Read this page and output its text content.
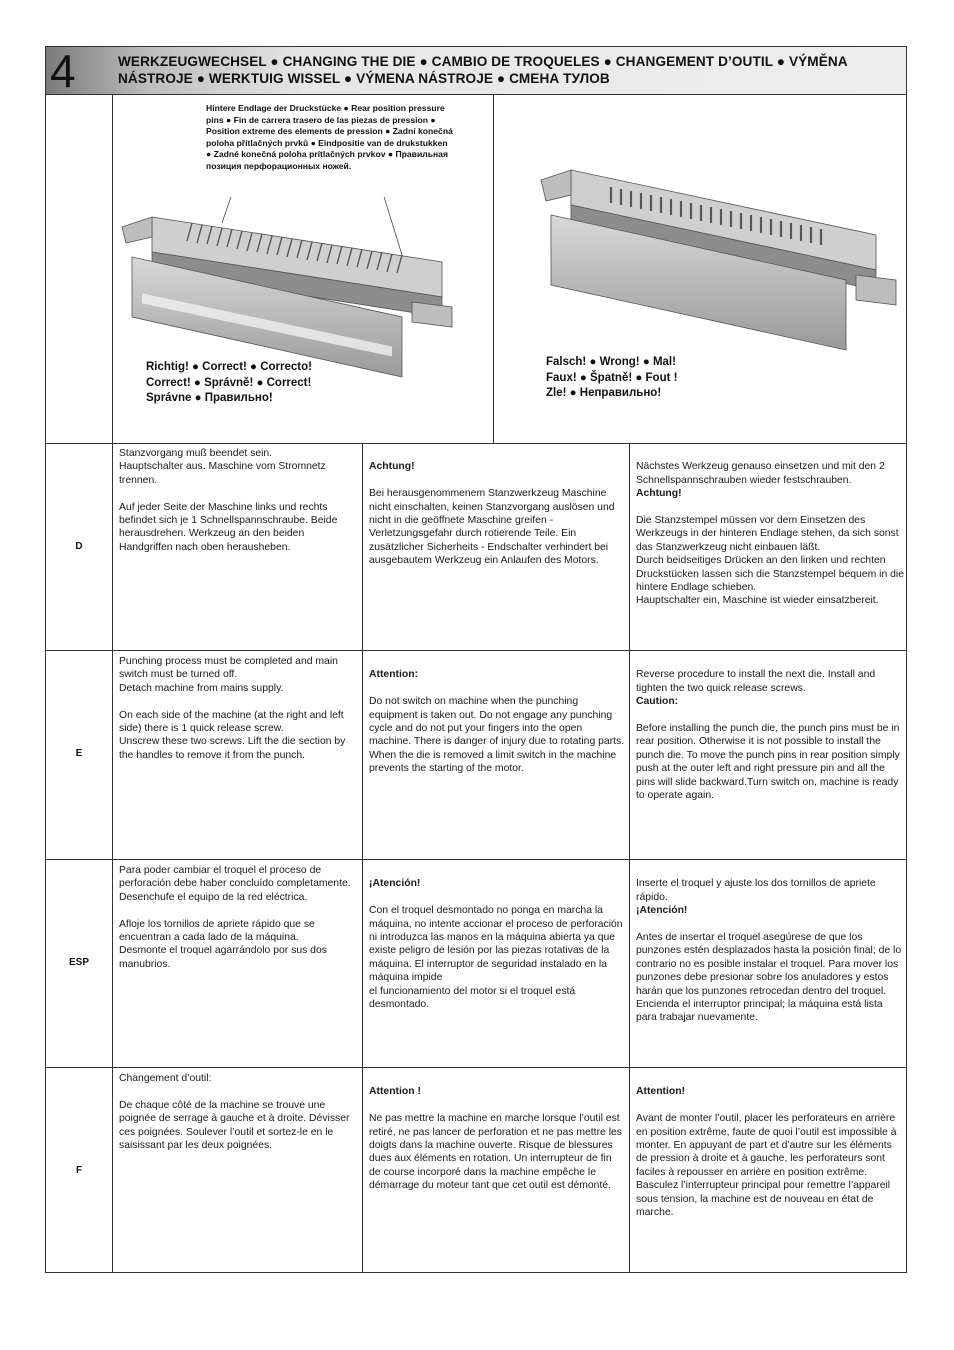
4	WERKZEUGWECHSEL ● CHANGING THE DIE ● CAMBIO DE TROQUELES ● CHANGEMENT D’OUTIL ● VÝMĚNA NÁSTROJE ● WERKTUIG WISSEL ● VÝMENA NÁSTROJE ● СМЕНА ТУЛОВ
Hintere Endlage der Druckstücke ● Rear position pressure pins ● Fin de carrera trasero de las piezas de pression ● Position extreme des elements de pression ● Zadní konečná poloha přítlačných prvků ● Eindpositie van de drukstukken ● Zadné konečná poloha prítlačných prvkov ● Правильная позиция перфорационных ножей.
Richtig! ● Correct! ● Correcto!
Correct! ● Správně! ● Correct!
Správne ● Правильно!
Falsch! ● Wrong! ● Mal!
Faux! ● Špatně! ● Fout !
Zle! ● Неправильно!
D
Stanzvorgang muß beendet sein.
Hauptschalter aus. Maschine vom Stromnetz trennen.

Auf jeder Seite der Maschine links und rechts befindet sich je 1 Schnellspannschraube. Beide herausdrehen. Werkzeug an den beiden Handgriffen nach oben herausheben.

Achtung!

Bei herausgenommenem Stanzwerkzeug Maschine nicht einschalten, keinen Stanzvorgang auslösen und nicht in die geöffnete Maschine greifen - Verletzungsgefahr durch rotierende Teile. Ein zusätzlicher Sicherheits - Endschalter verhindert bei ausgebautem Werkzeug ein Anlaufen des Motors.

Nächstes Werkzeug genauso einsetzen und mit den 2 Schnellspannschrauben wieder festschrauben.

Achtung!

Die Stanzstempel müssen vor dem Einsetzen des Werkzeugs in der hinteren Endlage stehen, da sich sonst das Stanzwerkzeug nicht einbauen läßt.
Durch beidseitiges Drücken an den linken und rechten Druckstücken lassen sich die Stanzstempel bequem in die hintere Endlage schieben.
Hauptschalter ein, Maschine ist wieder einsatzbereit.

E
Punching process must be completed and main switch must be turned off.
Detach machine from mains supply.

On each side of the machine (at the right and left side) there is 1 quick release screw.
Unscrew these two screws. Lift the die section by the handles to remove it from the punch.

Attention:

Do not switch on machine when the punching equipment is taken out. Do not engage any punching cycle and do not put your fingers into the open machine. There is danger of injury due to rotating parts.
When the die is removed a limit switch in the machine prevents the starting of the motor.

Reverse procedure to install the next die. Install and tighten the two quick release screws.

Caution:

Before installing the punch die, the punch pins must be in rear position. Otherwise it is not possible to install the punch die. To move the punch pins in rear position simply push at the outer left and right pressure pin and all the pins will slide backward.Turn switch on, machine is ready to operate again.

ESP
Para poder cambiar el troquel el proceso de perforación debe haber concluído completamente. Desenchufe el equipo de la red eléctrica.

Afloje los tornillos de apriete rápido que se encuentran a cada lado de la máquina.
Desmonte el troquel agarrándolo por sus dos manubrios.

¡Atención!

Con el troquel desmontado no ponga en marcha la máquina, no intente accionar el proceso de perforación ni introduzca las manos en la máquina abierta ya que existe peligro de lesión por las piezas rotativas de la máquina. El interruptor de seguridad instalado en la máquina impide
el funcionamiento del motor si el troquel está desmontado.

Inserte el troquel y ajuste los dos tornillos de apriete rápido.

¡Atención!

Antes de insertar el troquel asegúrese de que los punzones estén desplazados hasta la posición final; de lo contrario no es posible instalar el troquel. Para mover los punzones debe presionar sobre los anuladores y estos harán que los punzones retrocedan dentro del troquel.
Encienda el interruptor principal; la máquina está lista para trabajar nuevamente.

F
Changement d’outil:

De chaque côté de la machine se trouve une poignée de serrage à gauche et à droite. Dévisser ces poignées. Soulever l’outil et sortez-le en le saisissant par les deux poignées.

Attention !

Ne pas mettre la machine en marche lorsque l’outil est retiré, ne pas lancer de perforation et ne pas mettre les doigts dans la machine ouverte. Risque de blessures dues aux éléments en rotation. Un interrupteur de fin de course incorporé dans la machine empêche le démarrage du moteur tant que cet outil est démonté.

Attention!

Avant de monter l’outil, placer les perforateurs en arrière en position extrême, faute de quoi l’outil est impossible à monter. En appuyant de part et d’autre sur les éléments de pression à droite et à gauche, les perforateurs sont faciles à repousser en arrière en position extrême. Basculez l’interrupteur principal pour remettre l’appareil sous tension, la machine est de nouveau en état de marche.
